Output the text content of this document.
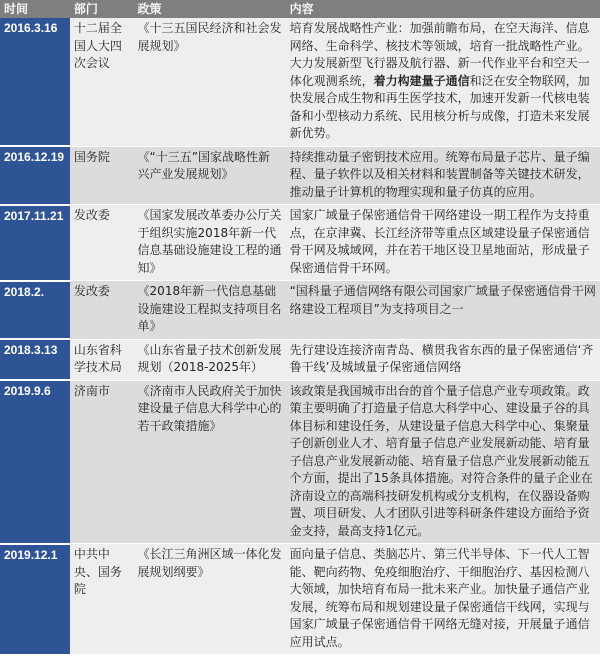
时间	部门	政策	内容
2016.3.16	十二届全国人大四次会议	《十三五国民经济和社会发展规划》	培育发展战略性产业：加强前瞻布局，在空天海洋、信息网络、生命科学、核技术等领域，培育一批战略性产业。大力发展新型飞行器及航行器、新一代作业平台和空天一体化观测系统，着力构建量子通信和泛在安全物联网，加快发展合成生物和再生医学技术，加速开发新一代核电装备和小型核动力系统、民用核分析与成像，打造未来发展新优势。
2016.12.19	国务院	《“十三五”国家战略性新兴产业发展规划》	持续推动量子密钥技术应用。统筹布局量子芯片、量子编程、量子软件以及相关材料和装置制备等关键技术研发，推动量子计算机的物理实现和量子仿真的应用。
2017.11.21	发改委	《国家发展改革委办公厅关于组织实施2018年新一代信息基础设施建设工程的通知》	国家广域量子保密通信骨干网络建设一期工程作为支持重点，在京津冀、长江经济带等重点区域建设量子保密通信骨干网及城域网，并在若干地区设卫星地面站，形成量子保密通信骨干环网。
2018.2.	发改委	《2018年新一代信息基础设施建设工程拟支持项目名单》	“国科量子通信网络有限公司国家广域量子保密通信骨干网络建设工程项目”为支持项目之一
2018.3.13	山东省科学技术局	《山东省量子技术创新发展规划（2018-2025年）	先行建设连接济南青岛、横贯我省东西的量子保密通信‘齐鲁干线’及城域量子保密通信网络
2019.9.6	济南市	《济南市人民政府关于加快建设量子信息大科学中心的若干政策措施》	该政策是我国城市出台的首个量子信息产业专项政策。政策主要明确了打造量子信息大科学中心、建设量子谷的具体目标和建设任务，从建设量子信息大科学中心、集聚量子创新创业人才、培育量子信息产业发展新动能、培育量子信息产业发展新动能、培育量子信息产业发展新动能五个方面，提出了15条具体措施。对符合条件的量子企业在济南设立的高端科技研发机构或分支机构，在仪器设备购置、项目研发、人才团队引进等科研条件建设方面给予资金支持，最高支持1亿元。
2019.12.1	中共中央、国务院	《长江三角洲区域一体化发展规划纲要》	面向量子信息、类脑芯片、第三代半导体、下一代人工智能、靶向药物、免疫细胞治疗、干细胞治疗、基因检测八大领域，加快培育布局一批未来产业。加快量子通信产业发展，统筹布局和规划建设量子保密通信干线网，实现与国家广域量子保密通信骨干网络无缝对接，开展量子通信应用试点。
